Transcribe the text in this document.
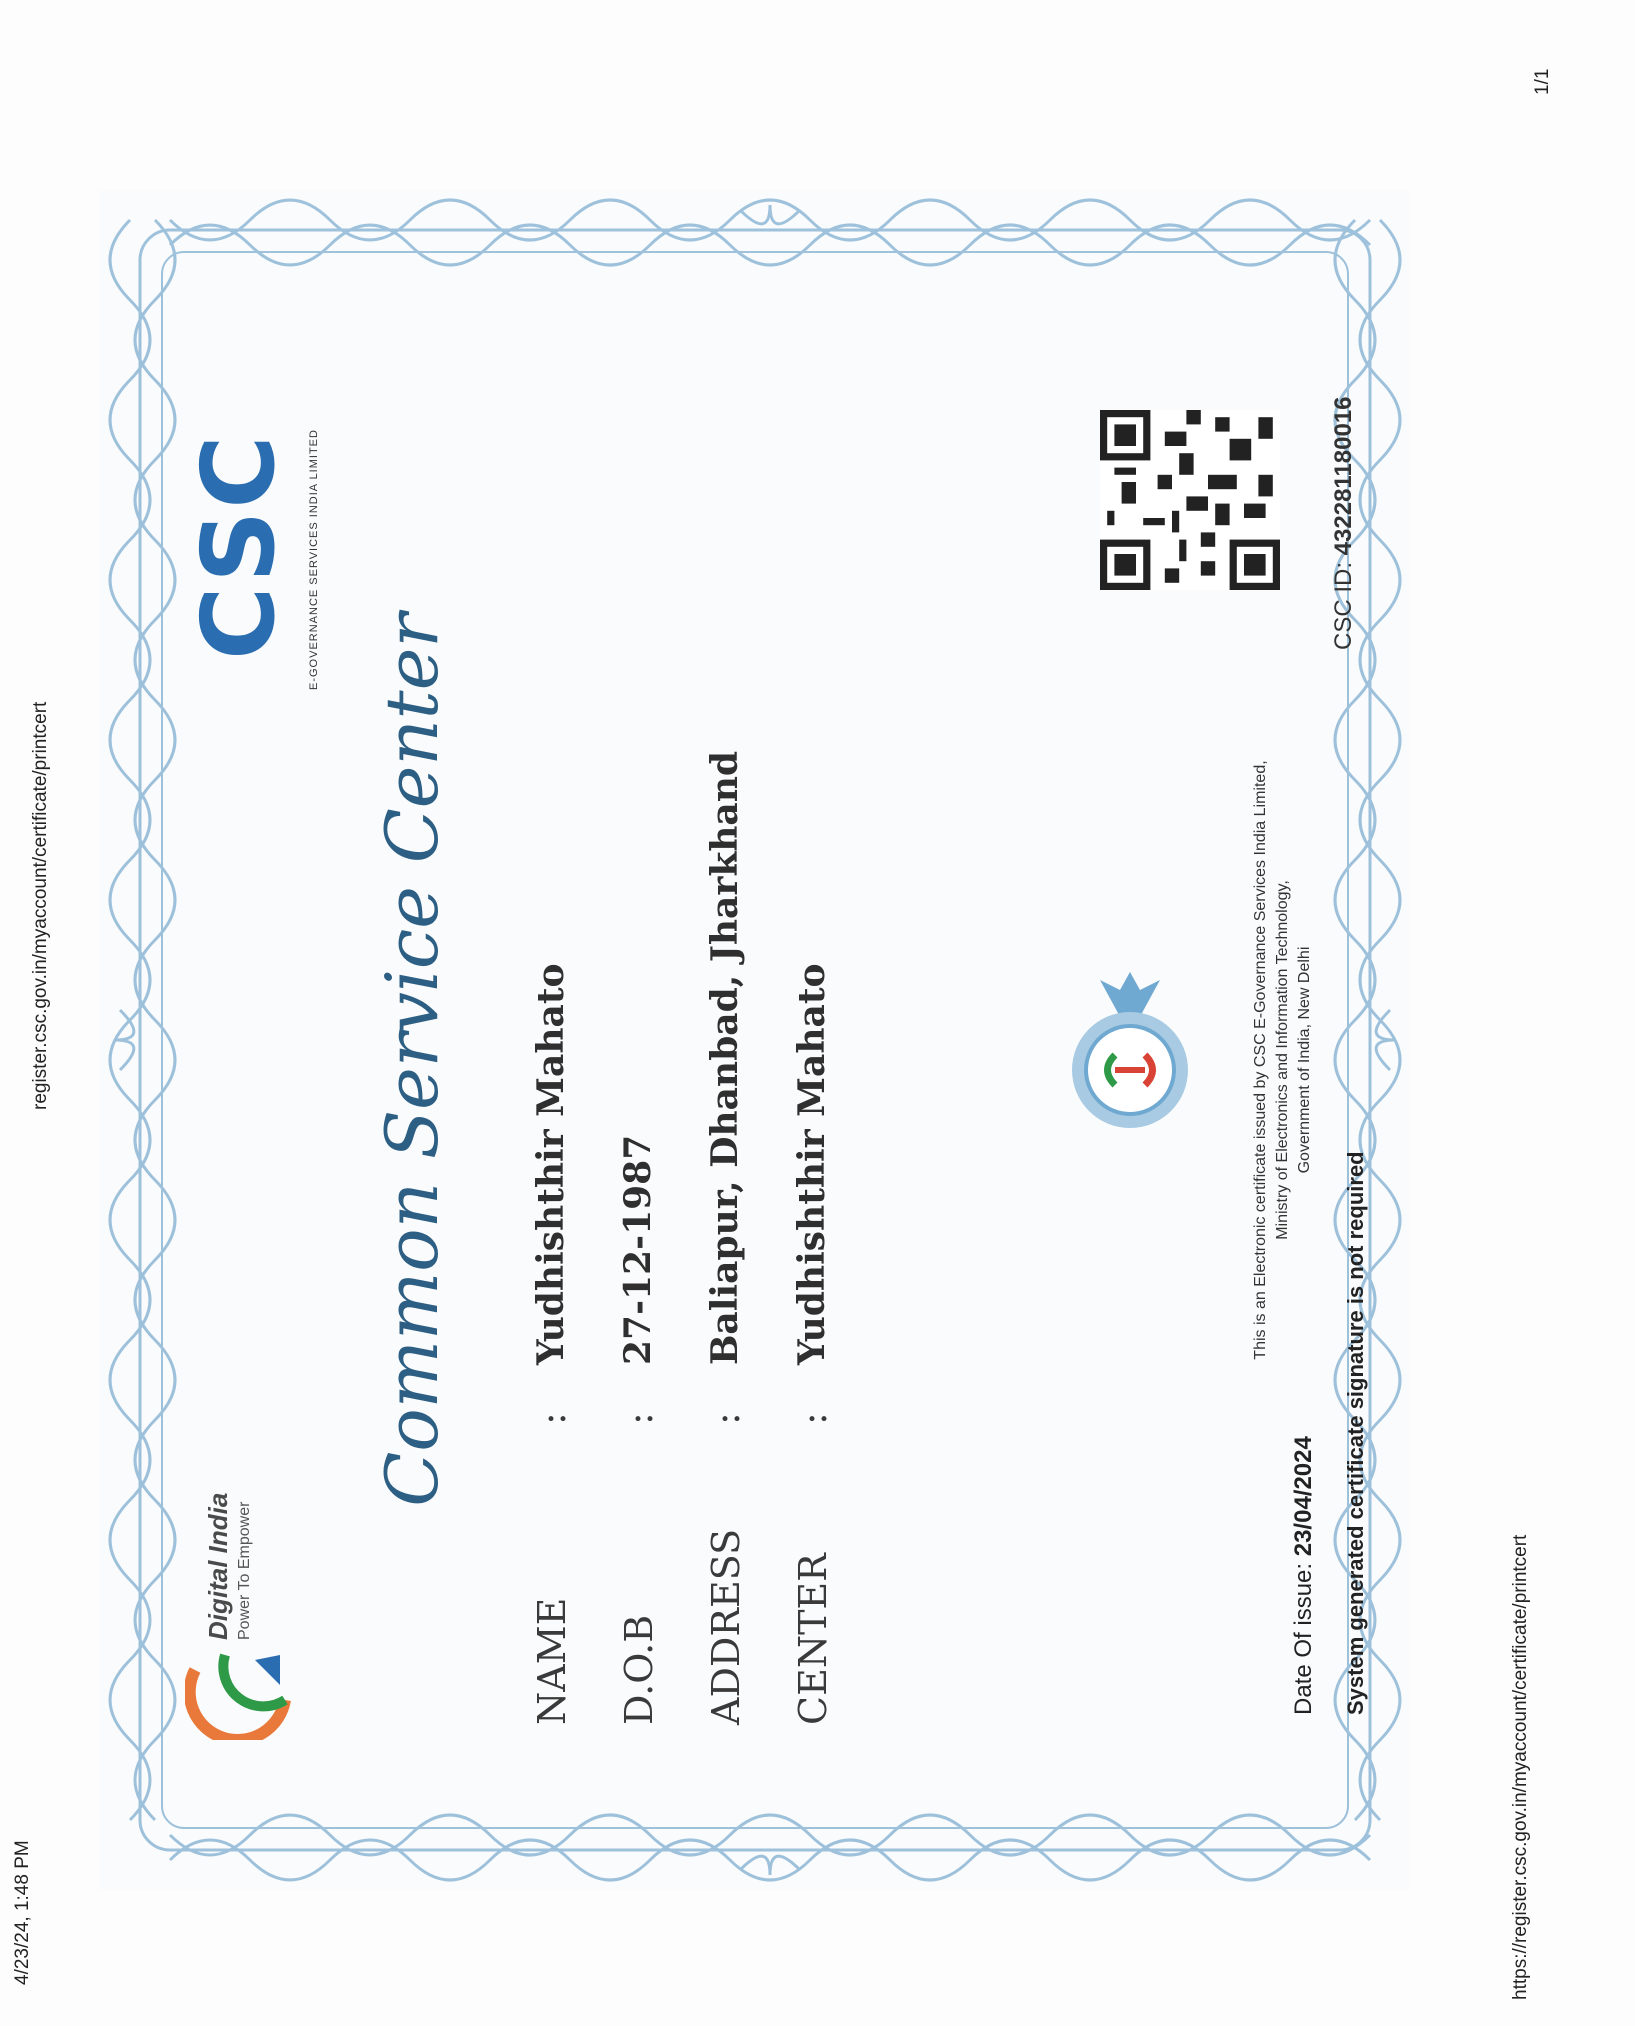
4/23/24, 1:48 PM
register.csc.gov.in/myaccount/certificate/printcert
1/1
https://register.csc.gov.in/myaccount/certificate/printcert
Digital India Power To Empower
CSC E-GOVERNANCE SERVICES INDIA LIMITED
Common Service Center
NAME
:
Yudhishthir Mahato
D.O.B
:
27-12-1987
ADDRESS
:
Baliapur, Dhanbad, Jharkhand
CENTER
:
Yudhishthir Mahato	This is an Electronic certificate issued by CSC E-Governance Services India Limited, Ministry of Electronics and Information Technology, Government of India, New Delhi
CSC ID: 432281180016
Date Of issue: 23/04/2024 System generated certificate signature is not required
